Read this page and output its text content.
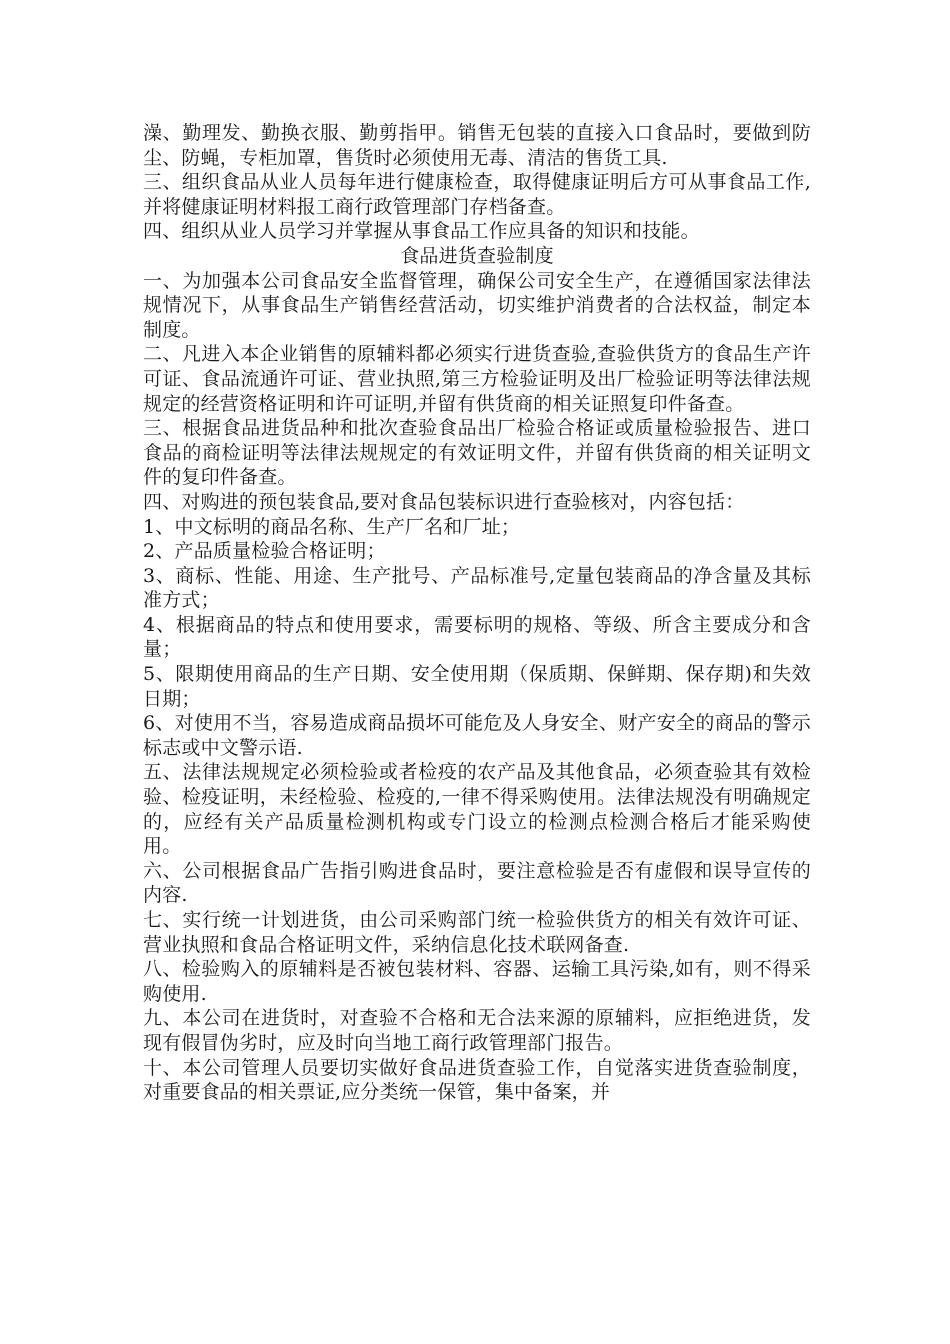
澡、勤理发、勤换衣服、勤剪指甲。销售无包装的直接入口食品时，要做到防尘、防蝇，专柜加罩，售货时必须使用无毒、清洁的售货工具.

三、组织食品从业人员每年进行健康检查，取得健康证明后方可从事食品工作,并将健康证明材料报工商行政管理部门存档备查。

四、组织从业人员学习并掌握从事食品工作应具备的知识和技能。

食品进货查验制度

一、为加强本公司食品安全监督管理，确保公司安全生产，在遵循国家法律法规情况下，从事食品生产销售经营活动，切实维护消费者的合法权益，制定本制度。

二、凡进入本企业销售的原辅料都必须实行进货查验,查验供货方的食品生产许可证、食品流通许可证、营业执照,第三方检验证明及出厂检验证明等法律法规规定的经营资格证明和许可证明,并留有供货商的相关证照复印件备查。

三、根据食品进货品种和批次查验食品出厂检验合格证或质量检验报告、进口食品的商检证明等法律法规规定的有效证明文件，并留有供货商的相关证明文件的复印件备查。

四、对购进的预包装食品,要对食品包装标识进行查验核对，内容包括：

1、中文标明的商品名称、生产厂名和厂址；

2、产品质量检验合格证明；

3、商标、性能、用途、生产批号、产品标准号,定量包装商品的净含量及其标准方式；

4、根据商品的特点和使用要求，需要标明的规格、等级、所含主要成分和含量；

5、限期使用商品的生产日期、安全使用期（保质期、保鲜期、保存期)和失效日期；

6、对使用不当，容易造成商品损坏可能危及人身安全、财产安全的商品的警示标志或中文警示语.

五、法律法规规定必须检验或者检疫的农产品及其他食品，必须查验其有效检验、检疫证明，未经检验、检疫的,一律不得采购使用。法律法规没有明确规定的，应经有关产品质量检测机构或专门设立的检测点检测合格后才能采购使用。

六、公司根据食品广告指引购进食品时，要注意检验是否有虚假和误导宣传的内容.

七、实行统一计划进货，由公司采购部门统一检验供货方的相关有效许可证、营业执照和食品合格证明文件，采纳信息化技术联网备查.

八、检验购入的原辅料是否被包装材料、容器、运输工具污染,如有，则不得采购使用.

九、本公司在进货时，对查验不合格和无合法来源的原辅料，应拒绝进货，发现有假冒伪劣时，应及时向当地工商行政管理部门报告。

十、本公司管理人员要切实做好食品进货查验工作，自觉落实进货查验制度，对重要食品的相关票证,应分类统一保管，集中备案，并
